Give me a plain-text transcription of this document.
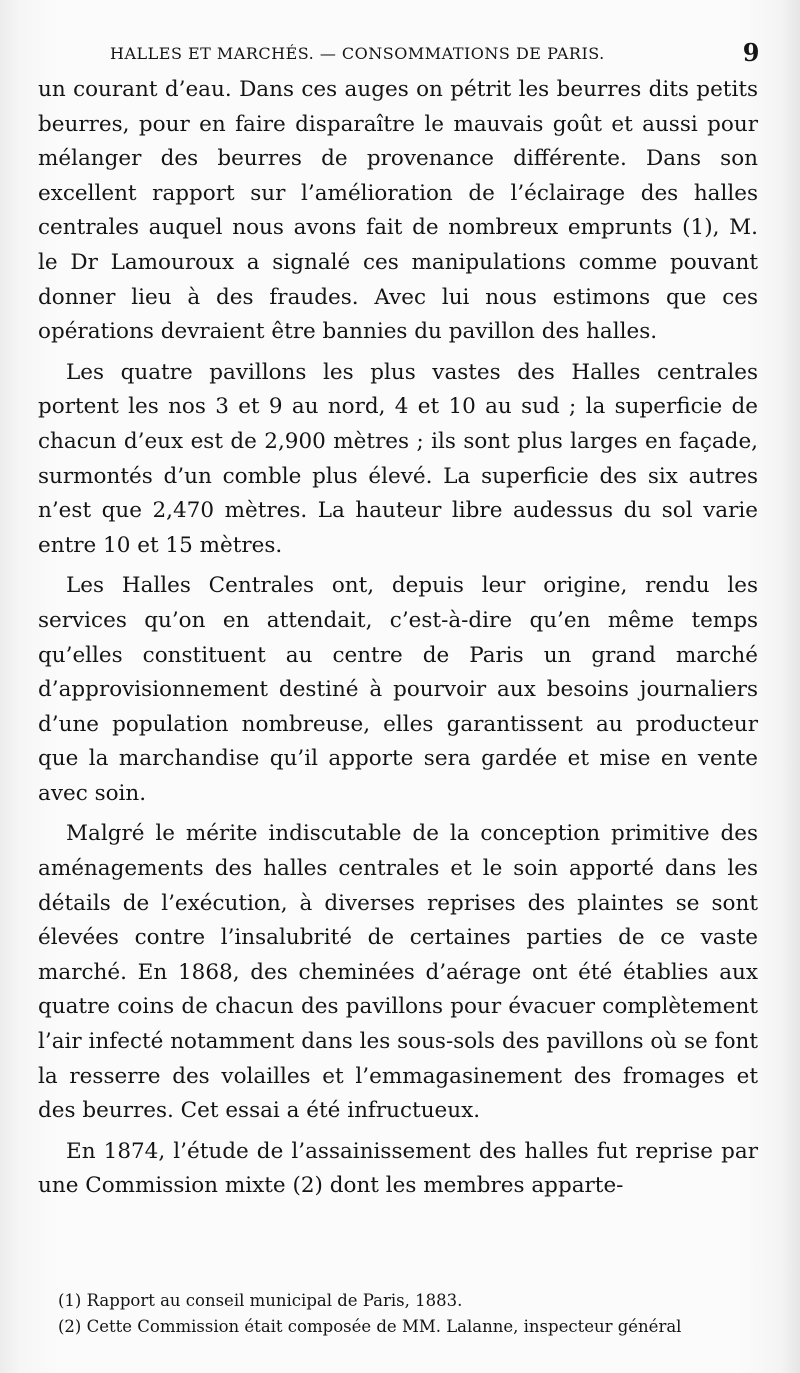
HALLES ET MARCHÉS. — CONSOMMATIONS DE PARIS.	9

un courant d’eau. Dans ces auges on pétrit les beurres dits petits beurres, pour en faire disparaître le mauvais goût et aussi pour mélanger des beurres de provenance différente. Dans son excellent rapport sur l’amélioration de l’éclairage des halles centrales auquel nous avons fait de nombreux emprunts (1), M. le Dr Lamouroux a signalé ces manipulations comme pouvant donner lieu à des fraudes. Avec lui nous estimons que ces opérations devraient être bannies du pavillon des halles.

Les quatre pavillons les plus vastes des Halles centrales portent les nos 3 et 9 au nord, 4 et 10 au sud ; la superficie de chacun d’eux est de 2,900 mètres ; ils sont plus larges en façade, surmontés d’un comble plus élevé. La superficie des six autres n’est que 2,470 mètres. La hauteur libre audessus du sol varie entre 10 et 15 mètres.

Les Halles Centrales ont, depuis leur origine, rendu les services qu’on en attendait, c’est-à-dire qu’en même temps qu’elles constituent au centre de Paris un grand marché d’approvisionnement destiné à pourvoir aux besoins journaliers d’une population nombreuse, elles garantissent au producteur que la marchandise qu’il apporte sera gardée et mise en vente avec soin.

Malgré le mérite indiscutable de la conception primitive des aménagements des halles centrales et le soin apporté dans les détails de l’exécution, à diverses reprises des plaintes se sont élevées contre l’insalubrité de certaines parties de ce vaste marché. En 1868, des cheminées d’aérage ont été établies aux quatre coins de chacun des pavillons pour évacuer complètement l’air infecté notamment dans les sous-sols des pavillons où se font la resserre des volailles et l’emmagasinement des fromages et des beurres. Cet essai a été infructueux.

En 1874, l’étude de l’assainissement des halles fut reprise par une Commission mixte (2) dont les membres apparte-

(1) Rapport au conseil municipal de Paris, 1883.
(2) Cette Commission était composée de MM. Lalanne, inspecteur général
